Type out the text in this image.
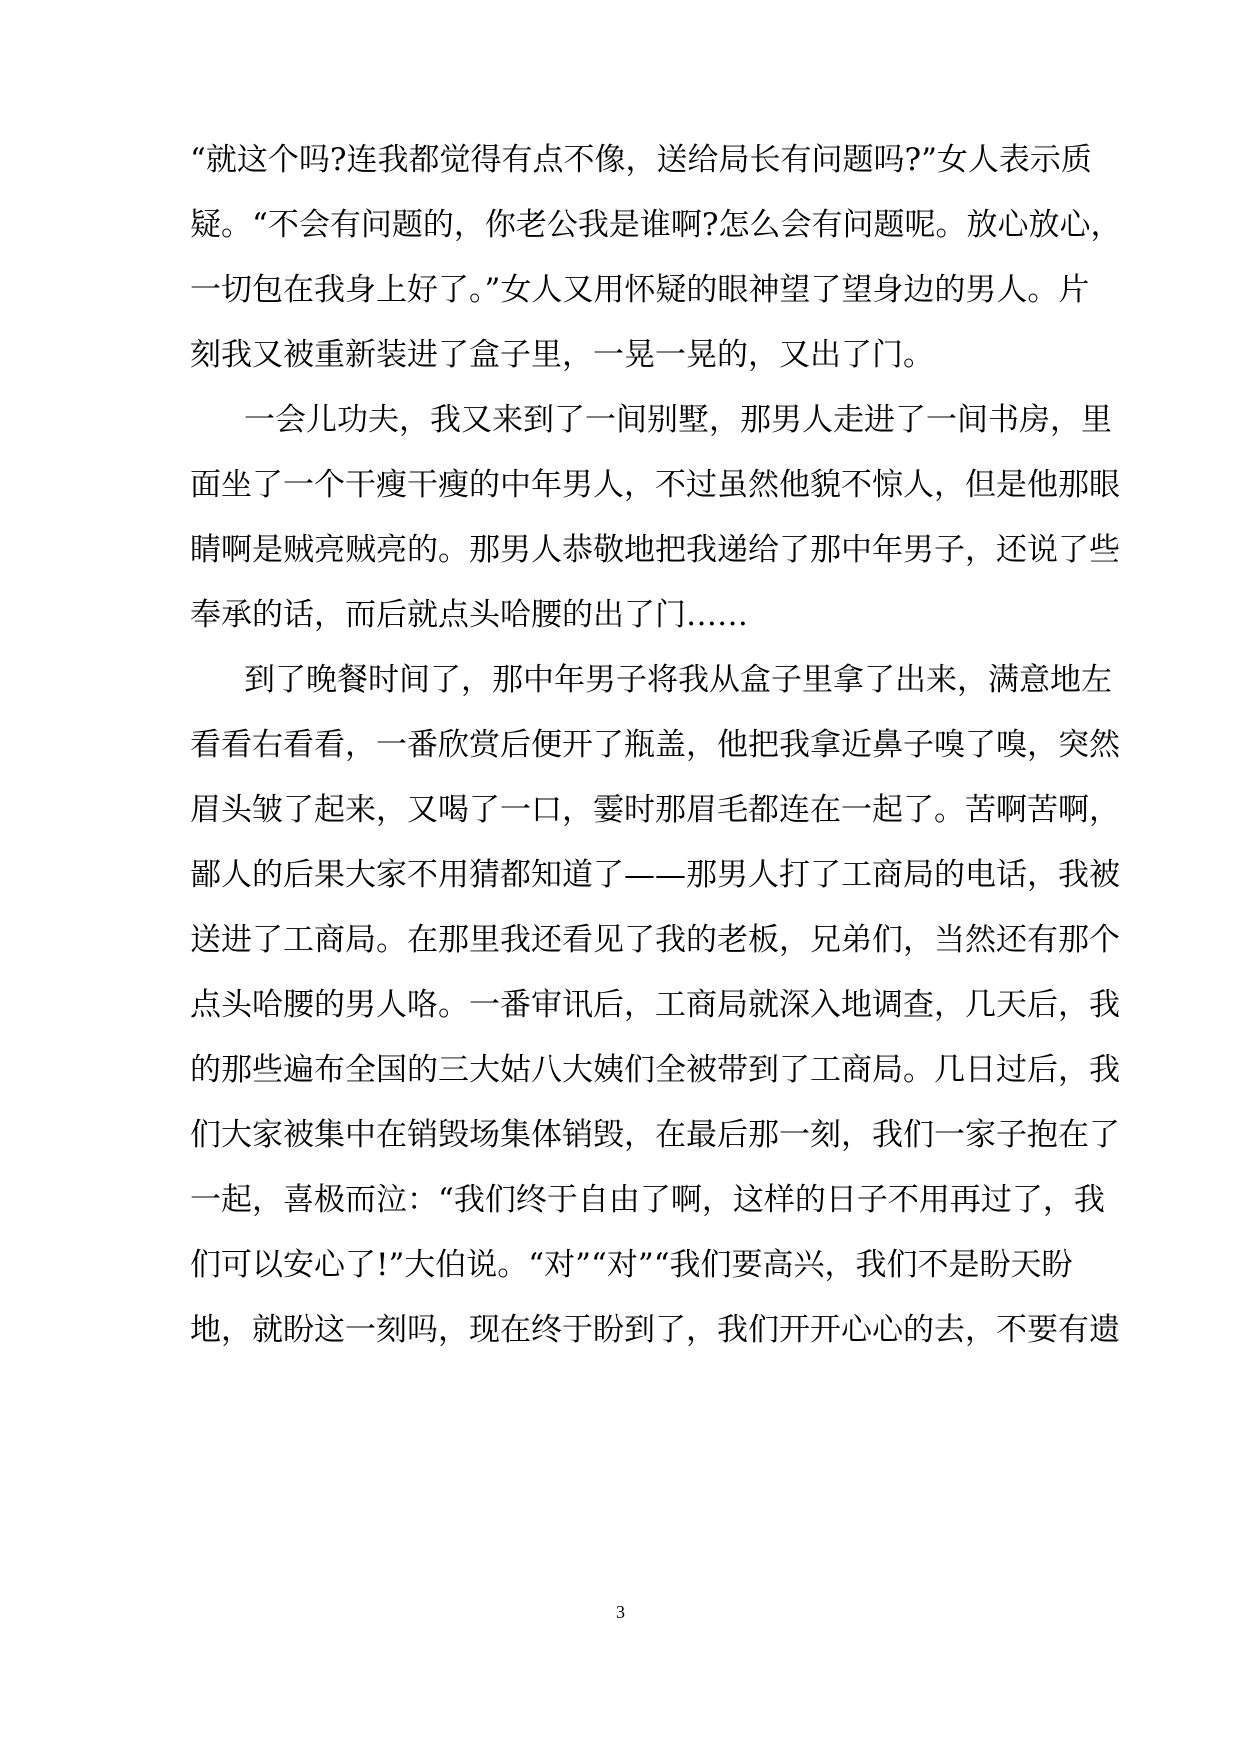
“就这个吗?连我都觉得有点不像，送给局长有问题吗?”女人表示质
疑。“不会有问题的，你老公我是谁啊?怎么会有问题呢。放心放心，
一切包在我身上好了。”女人又用怀疑的眼神望了望身边的男人。片
刻我又被重新装进了盒子里，一晃一晃的，又出了门。
一会儿功夫，我又来到了一间别墅，那男人走进了一间书房，里
面坐了一个干瘦干瘦的中年男人，不过虽然他貌不惊人，但是他那眼
睛啊是贼亮贼亮的。那男人恭敬地把我递给了那中年男子，还说了些
奉承的话，而后就点头哈腰的出了门……
到了晚餐时间了，那中年男子将我从盒子里拿了出来，满意地左
看看右看看，一番欣赏后便开了瓶盖，他把我拿近鼻子嗅了嗅，突然
眉头皱了起来，又喝了一口，霎时那眉毛都连在一起了。苦啊苦啊，
鄙人的后果大家不用猜都知道了——那男人打了工商局的电话，我被
送进了工商局。在那里我还看见了我的老板，兄弟们，当然还有那个
点头哈腰的男人咯。一番审讯后，工商局就深入地调查，几天后，我
的那些遍布全国的三大姑八大姨们全被带到了工商局。几日过后，我
们大家被集中在销毁场集体销毁，在最后那一刻，我们一家子抱在了
一起，喜极而泣：“我们终于自由了啊，这样的日子不用再过了，我
们可以安心了!”大伯说。“对”“对”“我们要高兴，我们不是盼天盼
地，就盼这一刻吗，现在终于盼到了，我们开开心心的去，不要有遗
3
